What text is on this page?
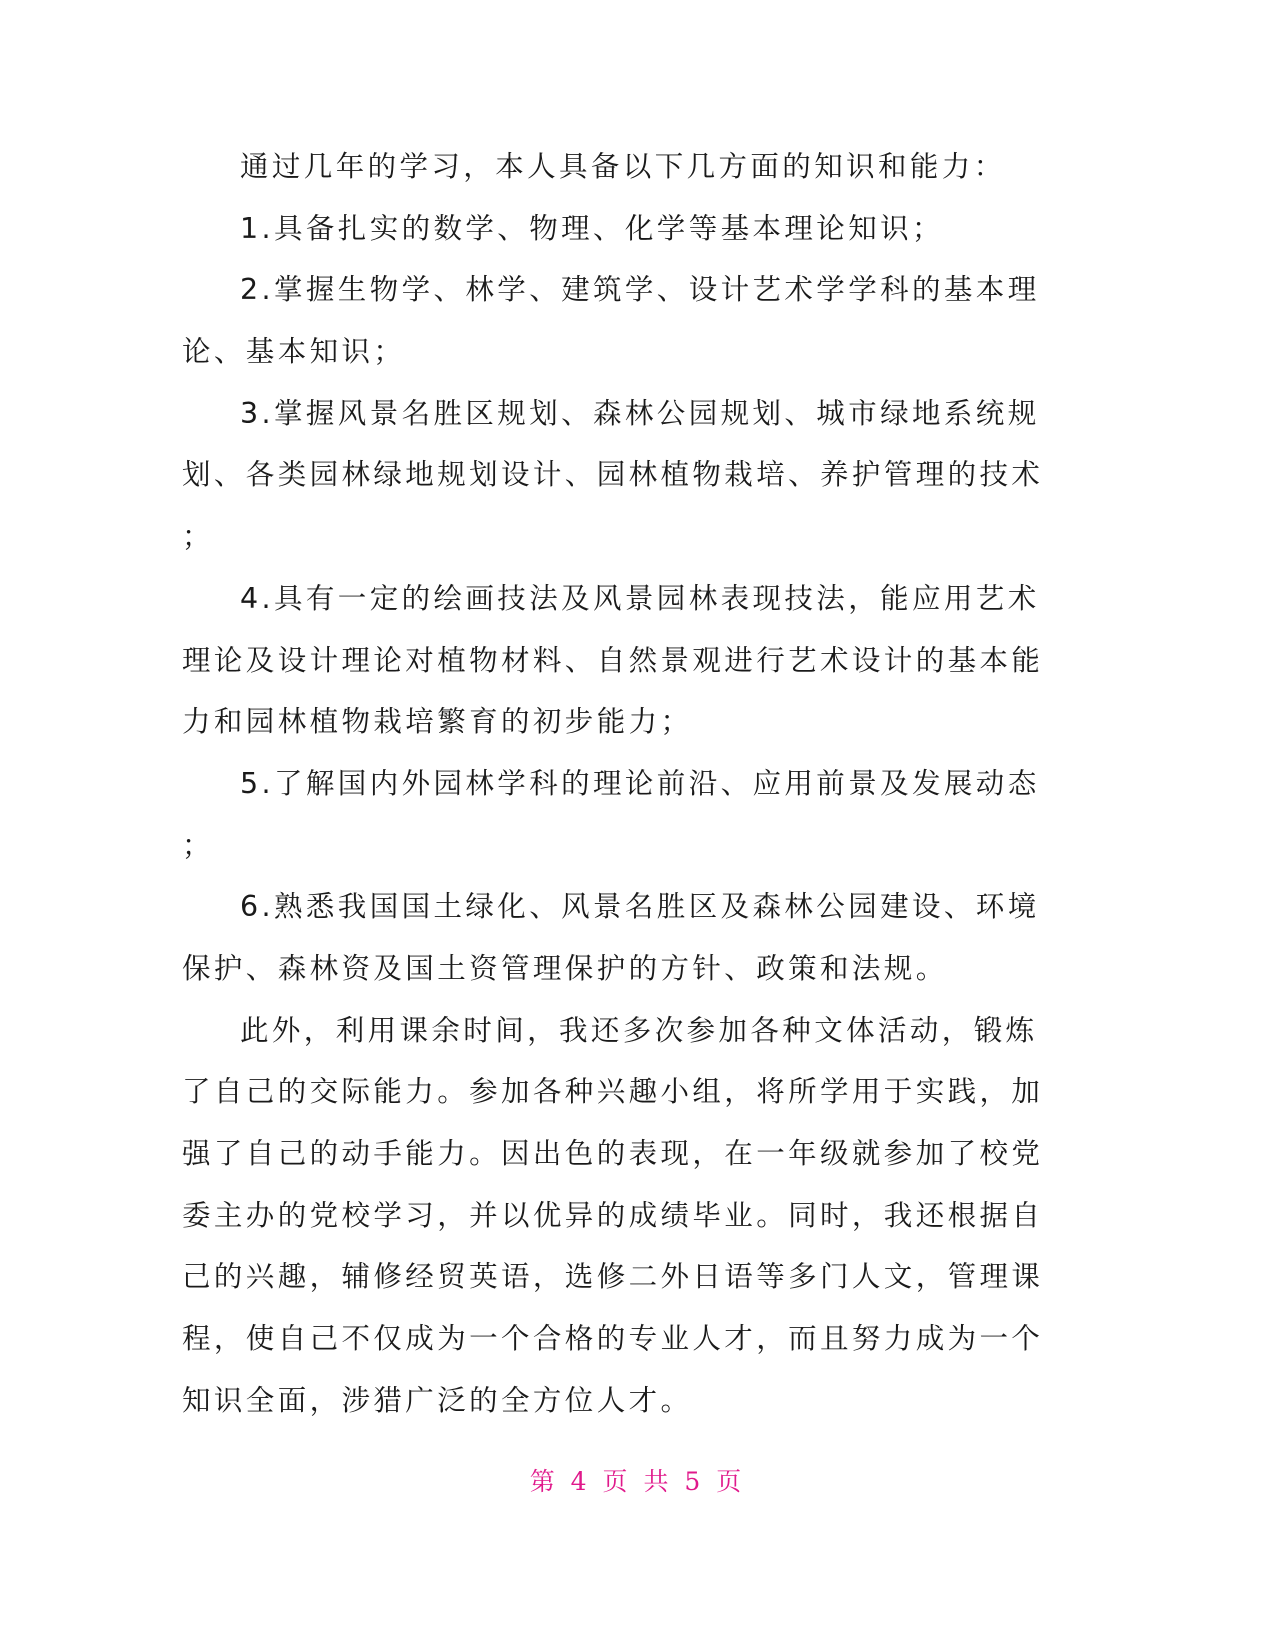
通过几年的学习，本人具备以下几方面的知识和能力：
1.具备扎实的数学、物理、化学等基本理论知识；
2.掌握生物学、林学、建筑学、设计艺术学学科的基本理
论、基本知识；
3.掌握风景名胜区规划、森林公园规划、城市绿地系统规
划、各类园林绿地规划设计、园林植物栽培、养护管理的技术
；
4.具有一定的绘画技法及风景园林表现技法，能应用艺术
理论及设计理论对植物材料、自然景观进行艺术设计的基本能
力和园林植物栽培繁育的初步能力；
5.了解国内外园林学科的理论前沿、应用前景及发展动态
；
6.熟悉我国国土绿化、风景名胜区及森林公园建设、环境
保护、森林资及国土资管理保护的方针、政策和法规。
此外，利用课余时间，我还多次参加各种文体活动，锻炼
了自己的交际能力。参加各种兴趣小组，将所学用于实践，加
强了自己的动手能力。因出色的表现，在一年级就参加了校党
委主办的党校学习，并以优异的成绩毕业。同时，我还根据自
己的兴趣，辅修经贸英语，选修二外日语等多门人文，管理课
程，使自己不仅成为一个合格的专业人才，而且努力成为一个
知识全面，涉猎广泛的全方位人才。
第 4 页 共 5 页
